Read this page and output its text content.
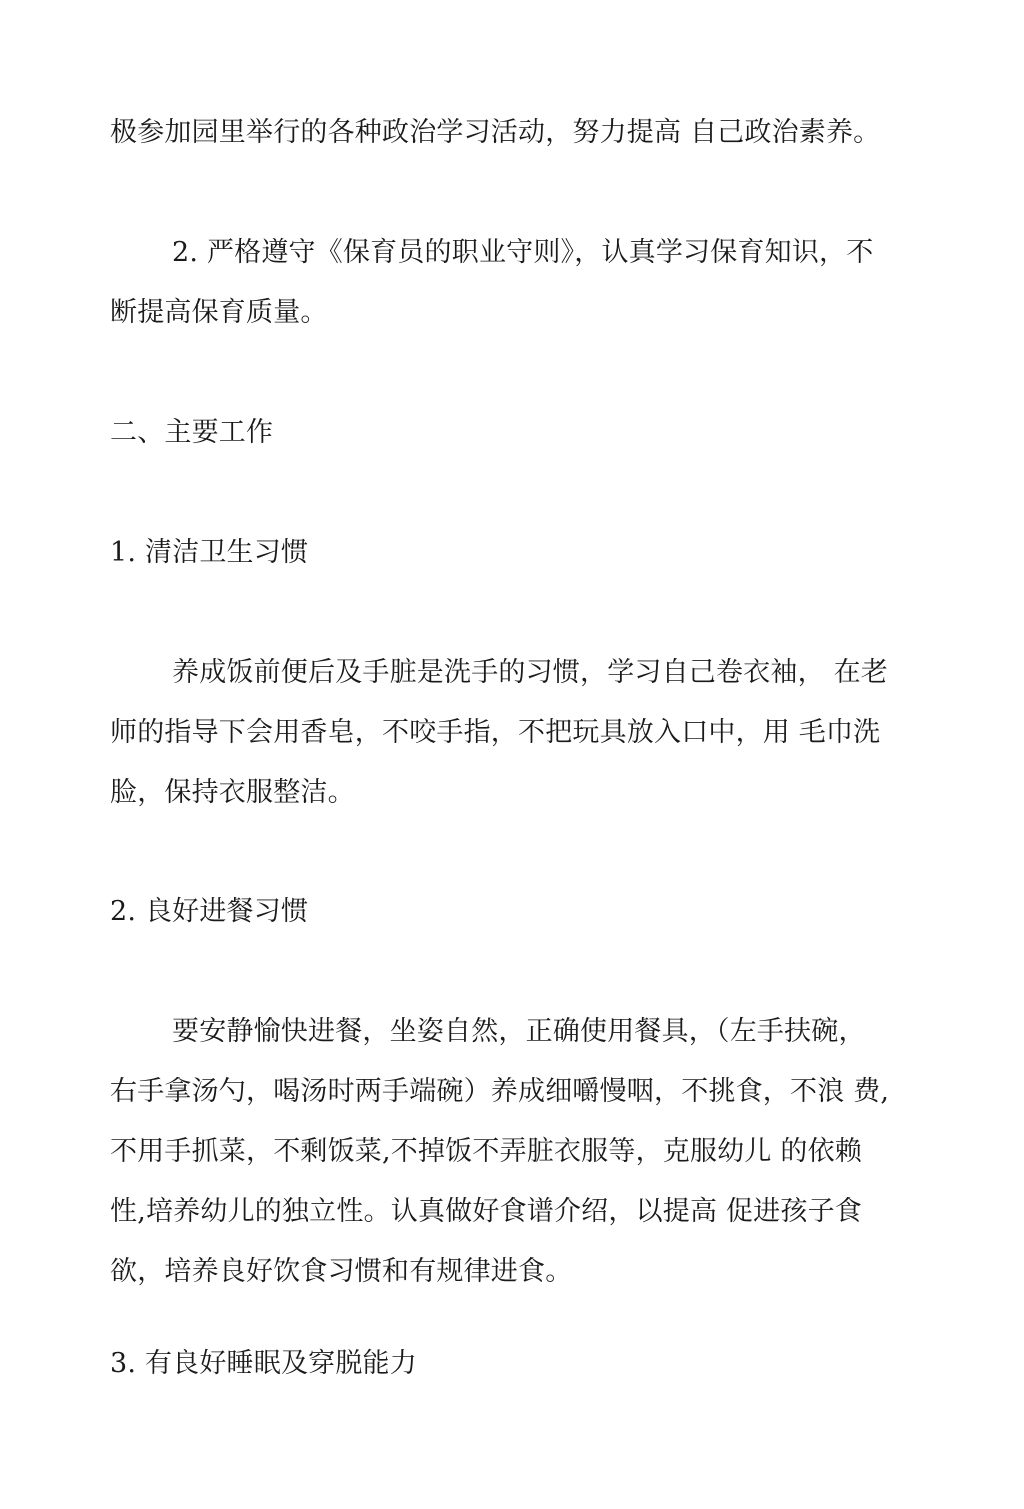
极参加园里举行的各种政治学习活动，努力提高 自己政治素养。
2. 严格遵守《保育员的职业守则》，认真学习保育知识，不
断提高保育质量。
二、主要工作
1. 清洁卫生习惯
养成饭前便后及手脏是洗手的习惯，学习自己卷衣袖， 在老
师的指导下会用香皂，不咬手指，不把玩具放入口中，用 毛巾洗
脸，保持衣服整洁。
2. 良好进餐习惯
要安静愉快进餐，坐姿自然，正确使用餐具，（左手扶碗，
右手拿汤勺，喝汤时两手端碗）养成细嚼慢咽，不挑食，不浪 费,
不用手抓菜，不剩饭菜,不掉饭不弄脏衣服等，克服幼儿 的依赖
性,培养幼儿的独立性。认真做好食谱介绍，以提高 促进孩子食
欲，培养良好饮食习惯和有规律进食。
3. 有良好睡眠及穿脱能力
